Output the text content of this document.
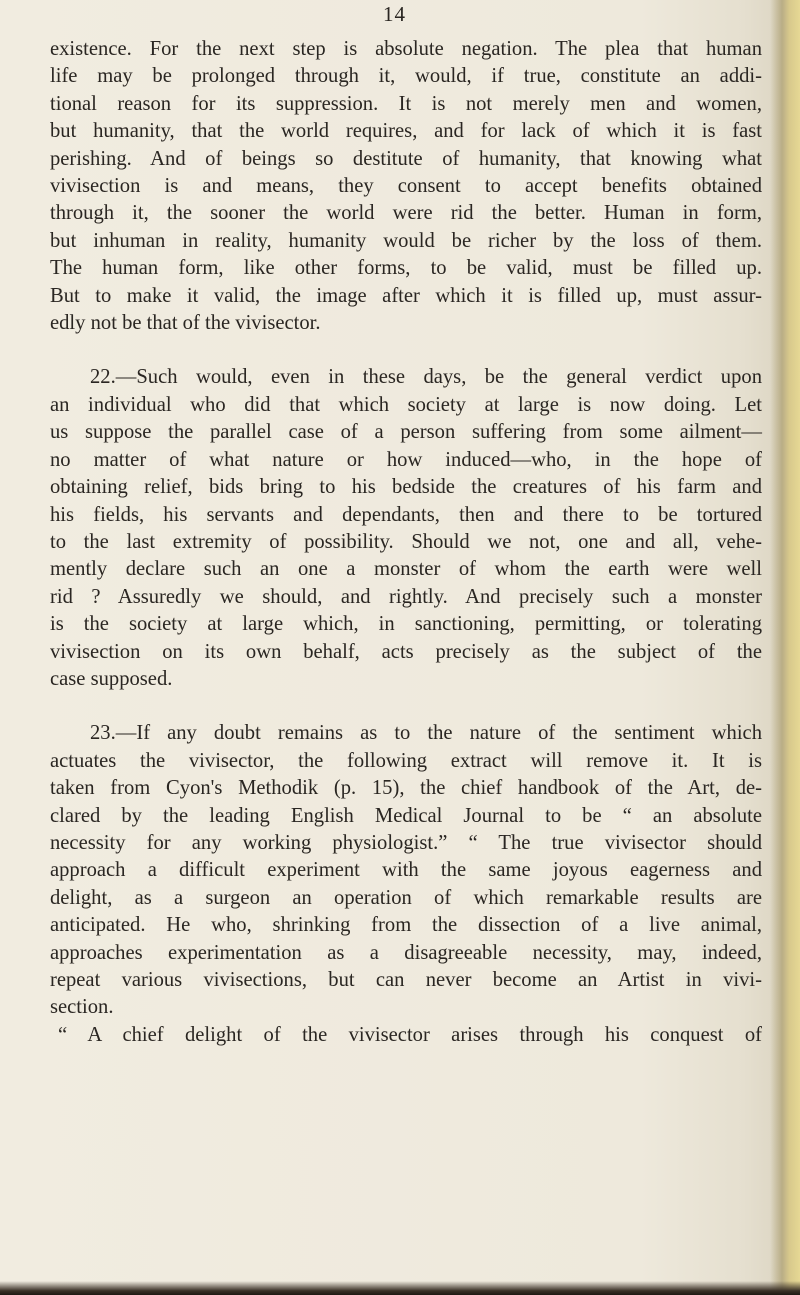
14
existence. For the next step is absolute negation. The plea that human
life may be prolonged through it, would, if true, constitute an addi-
tional reason for its suppression. It is not merely men and women,
but humanity, that the world requires, and for lack of which it is fast
perishing. And of beings so destitute of humanity, that knowing what
vivisection is and means, they consent to accept benefits obtained
through it, the sooner the world were rid the better. Human in form,
but inhuman in reality, humanity would be richer by the loss of them.
The human form, like other forms, to be valid, must be filled up.
But to make it valid, the image after which it is filled up, must assur-
edly not be that of the vivisector.
22.—Such would, even in these days, be the general verdict upon
an individual who did that which society at large is now doing. Let
us suppose the parallel case of a person suffering from some ailment—
no matter of what nature or how induced—who, in the hope of
obtaining relief, bids bring to his bedside the creatures of his farm and
his fields, his servants and dependants, then and there to be tortured
to the last extremity of possibility. Should we not, one and all, vehe-
mently declare such an one a monster of whom the earth were well
rid ? Assuredly we should, and rightly. And precisely such a monster
is the society at large which, in sanctioning, permitting, or tolerating
vivisection on its own behalf, acts precisely as the subject of the
case supposed.
23.—If any doubt remains as to the nature of the sentiment which
actuates the vivisector, the following extract will remove it. It is
taken from Cyon's Methodik (p. 15), the chief handbook of the Art, de-
clared by the leading English Medical Journal to be “ an absolute
necessity for any working physiologist.” “ The true vivisector should
approach a difficult experiment with the same joyous eagerness and
delight, as a surgeon an operation of which remarkable results are
anticipated. He who, shrinking from the dissection of a live animal,
approaches experimentation as a disagreeable necessity, may, indeed,
repeat various vivisections, but can never become an Artist in vivi-
section.
“ A chief delight of the vivisector arises through his conquest of
